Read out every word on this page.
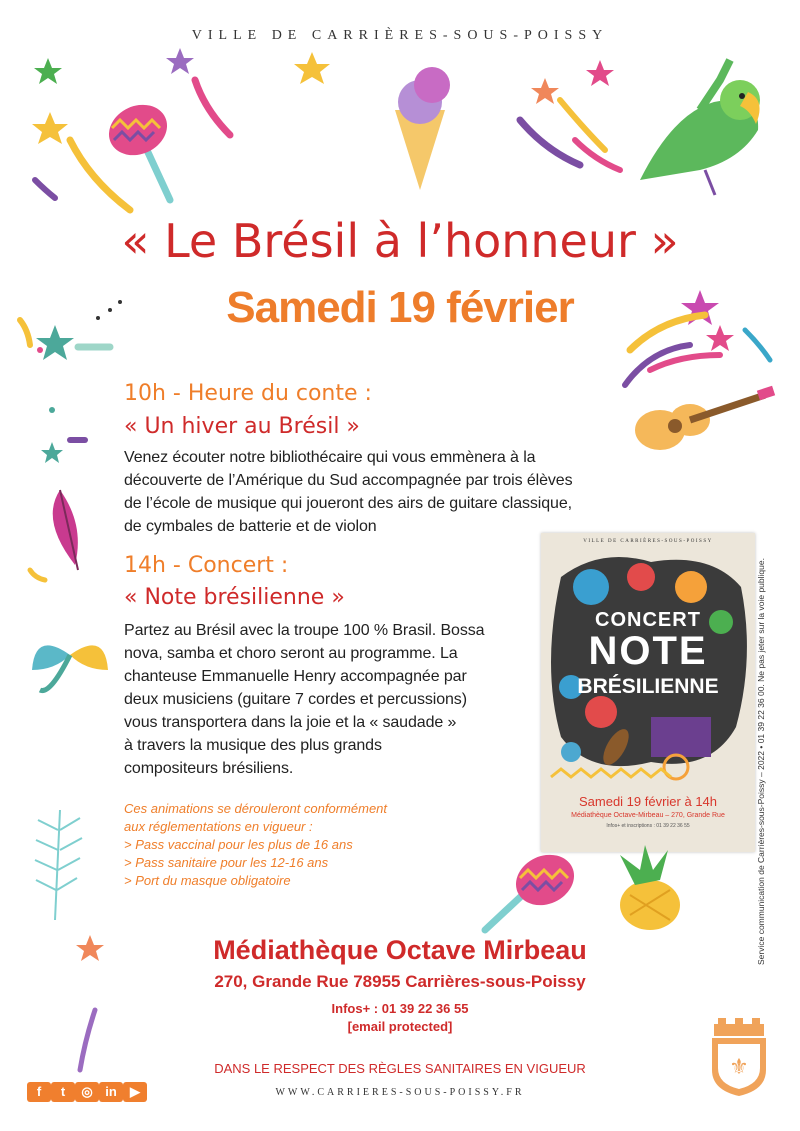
VILLE DE CARRIÈRES-SOUS-POISSY
« Le Brésil à l’honneur »
Samedi 19 février
10h - Heure du conte :
« Un hiver au Brésil »
Venez écouter notre bibliothécaire qui vous emmènera à la
découverte de l’Amérique du Sud accompagnée par trois élèves
de l’école de musique qui joueront des airs de guitare classique,
de cymbales de batterie et de violon
14h - Concert :
« Note brésilienne »
Partez au Brésil avec la troupe 100 % Brasil. Bossa
nova, samba et choro seront au programme. La
chanteuse Emmanuelle Henry accompagnée par
deux musiciens (guitare 7 cordes et percussions)
vous transportera dans la joie et la « saudade »
à travers la musique des plus grands
compositeurs brésiliens.
Ces animations se dérouleront conformément
aux réglementations en vigueur :
> Pass vaccinal pour les plus de 16 ans
> Pass sanitaire pour les 12-16 ans
> Port du masque obligatoire
VILLE DE CARRIÈRES-SOUS-POISSY
CONCERT
NOTE
BRÉSILIENNE
Samedi 19 février à 14h
Médiathèque Octave-Mirbeau – 270, Grande Rue
Infos+ et inscriptions : 01 39 22 36 55	Service communication de Carrières-sous-Poissy – 2022 • 01 39 22 36 00. Ne pas jeter sur la voie publique.
Médiathèque Octave Mirbeau
270, Grande Rue 78955 Carrières-sous-Poissy
Infos+ : 01 39 22 36 55
[email protected]
DANS LE RESPECT DES RÈGLES SANITAIRES EN VIGUEUR
WWW.CARRIERES-SOUS-POISSY.FR
f	t	◎ in	▶
⚜
